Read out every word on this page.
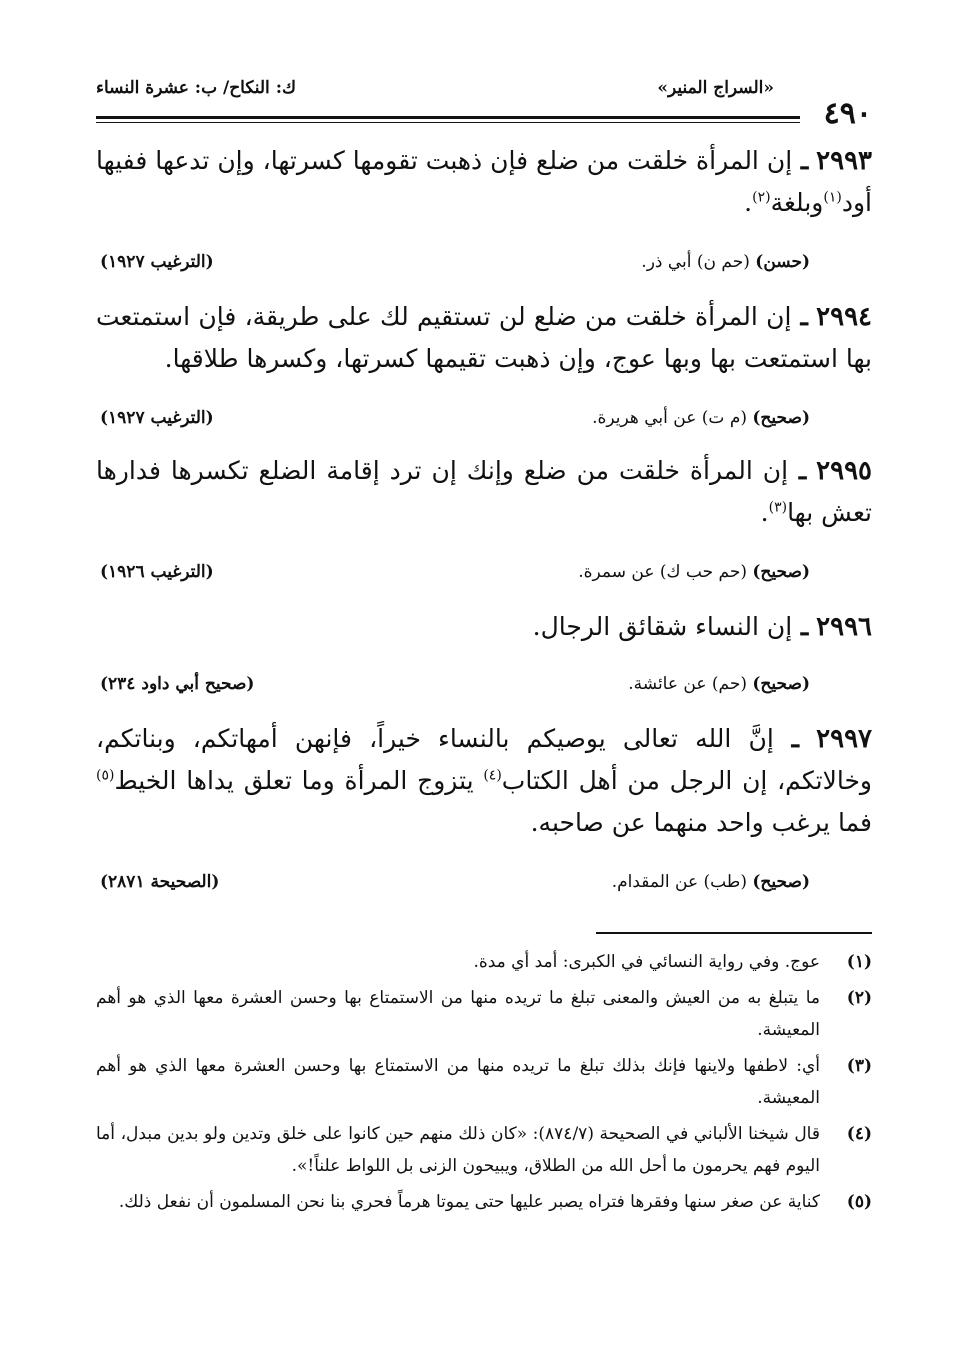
«السراج المنير»
ك: النكاح/ ب: عشرة النساء
٤٩٠

٢٩٩٣ ـ إن المرأة خلقت من ضلع فإن ذهبت تقومها كسرتها، وإن تدعها ففيها أود$^{(١)}$وبلغة$^{(٢)}$.

(حسن) (حم ن) أبي ذر.
(الترغيب ١٩٢٧)

٢٩٩٤ ـ إن المرأة خلقت من ضلع لن تستقيم لك على طريقة، فإن استمتعت بها استمتعت بها وبها عوج، وإن ذهبت تقيمها كسرتها، وكسرها طلاقها.

(صحيح) (م ت) عن أبي هريرة.
(الترغيب ١٩٢٧)

٢٩٩٥ ـ إن المرأة خلقت من ضلع وإنك إن ترد إقامة الضلع تكسرها فدارها تعش بها$^{(٣)}$.

(صحيح) (حم حب ك) عن سمرة.
(الترغيب ١٩٢٦)

٢٩٩٦ ـ إن النساء شقائق الرجال.

(صحيح) (حم) عن عائشة.
(صحيح أبي داود ٢٣٤)

٢٩٩٧ ـ إنَّ الله تعالى يوصيكم بالنساء خيراً، فإنهن أمهاتكم، وبناتكم، وخالاتكم، إن الرجل من أهل الكتاب$^{(٤)}$ يتزوج المرأة وما تعلق يداها الخيط$^{(٥)}$ فما يرغب واحد منهما عن صاحبه.

(صحيح) (طب) عن المقدام.
(الصحيحة ٢٨٧١)
(١)
عوج. وفي رواية النسائي في الكبرى: أمد أي مدة.
(٢)
ما يتبلغ به من العيش والمعنى تبلغ ما تريده منها من الاستمتاع بها وحسن العشرة معها الذي هو أهم المعيشة.
(٣)
أي: لاطفها ولاينها فإنك بذلك تبلغ ما تريده منها من الاستمتاع بها وحسن العشرة معها الذي هو أهم المعيشة.
(٤)
قال شيخنا الألباني في الصحيحة (٨٧٤/٧): «كان ذلك منهم حين كانوا على خلق وتدين ولو بدين مبدل، أما اليوم فهم يحرمون ما أحل الله من الطلاق، ويبيحون الزنى بل اللواط علناً!».
(٥)
كناية عن صغر سنها وفقرها فتراه يصبر عليها حتى يموتا هرماً فحري بنا نحن المسلمون أن نفعل ذلك.
